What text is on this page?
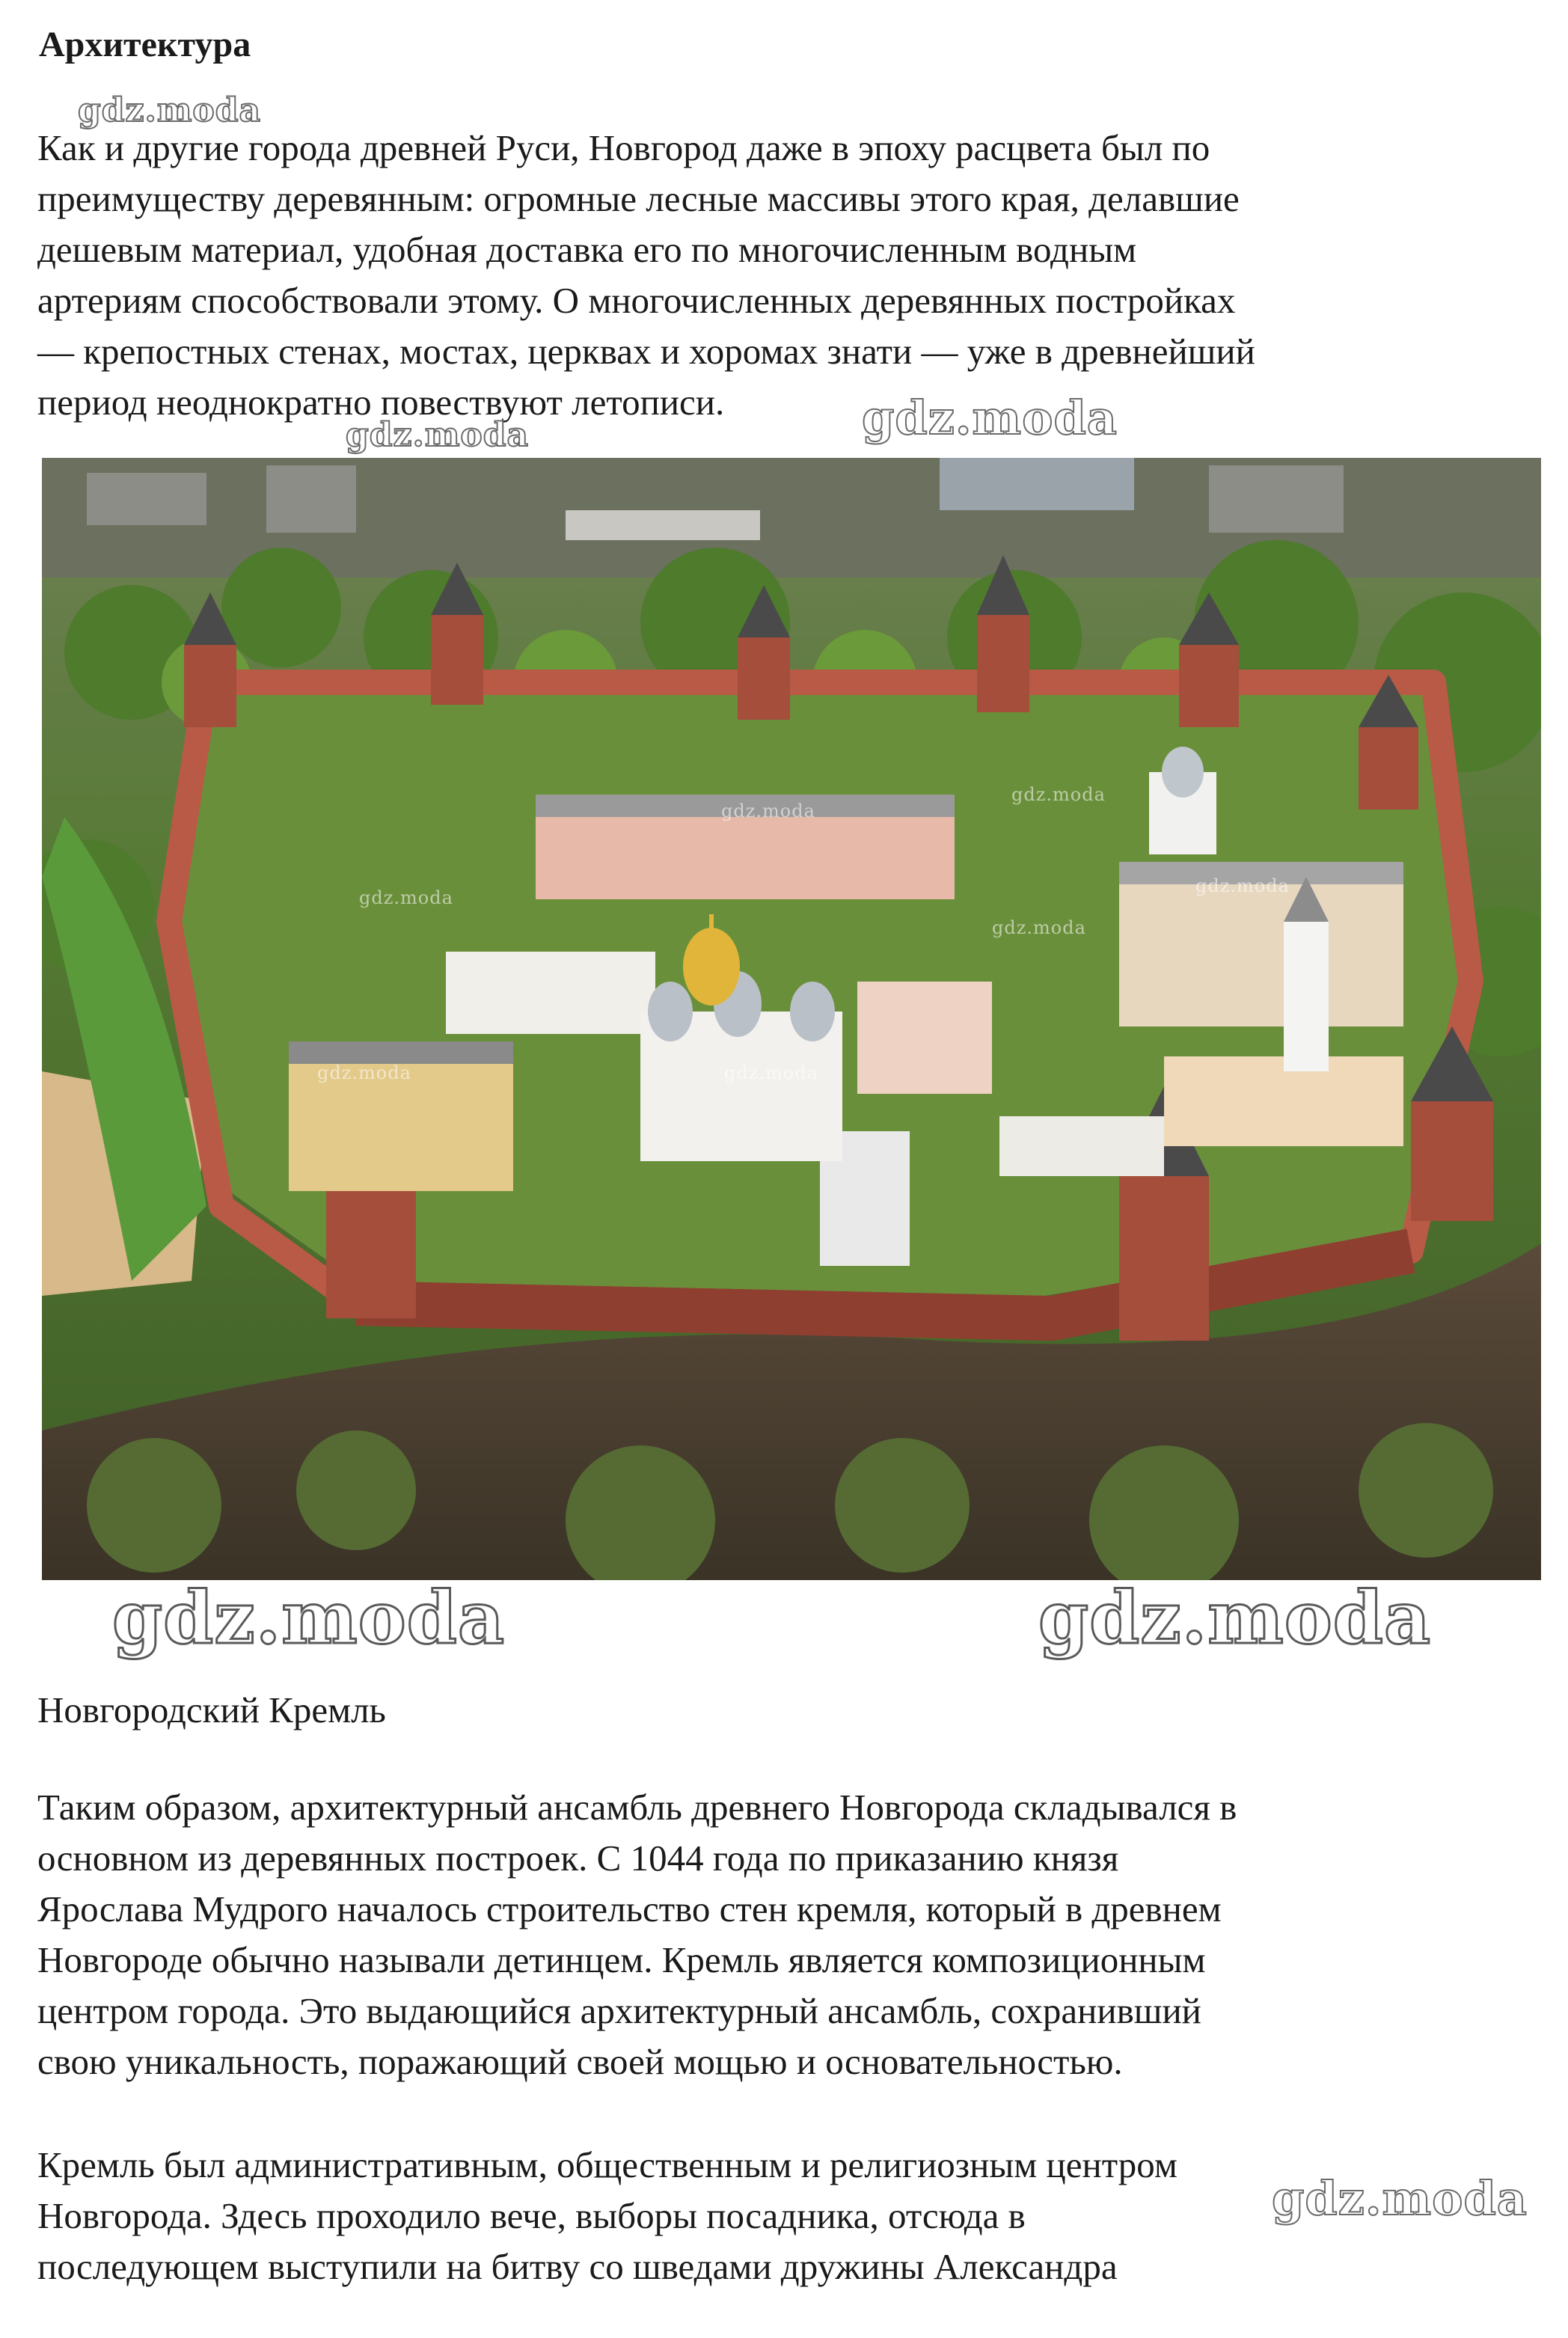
Архитектура

Как и другие города древней Руси, Новгород даже в эпоху расцвета был по
преимуществу деревянным: огромные лесные массивы этого края, делавшие
дешевым материал, удобная доставка его по многочисленным водным
артериям способствовали этому. О многочисленных деревянных постройках
— крепостных стенах, мостах, церквах и хоромах знати — уже в древнейший
период неоднократно повествуют летописи.

gdz.moda
gdz.moda	gdz.moda
gdz.moda
gdz.moda
gdz.moda
gdz.moda
gdz.moda
gdz.moda	gdz.moda
gdz.moda	gdz.moda
gdz.moda

Новгородский Кремль

Таким образом, архитектурный ансамбль древнего Новгорода складывался в
основном из деревянных построек. С 1044 года по приказанию князя
Ярослава Мудрого началось строительство стен кремля, который в древнем
Новгороде обычно называли детинцем. Кремль является композиционным
центром города. Это выдающийся архитектурный ансамбль, сохранивший
свою уникальность, поражающий своей мощью и основательностью.

Кремль был административным, общественным и религиозным центром
Новгорода. Здесь проходило вече, выборы посадника, отсюда в
последующем выступили на битву со шведами дружины Александра
